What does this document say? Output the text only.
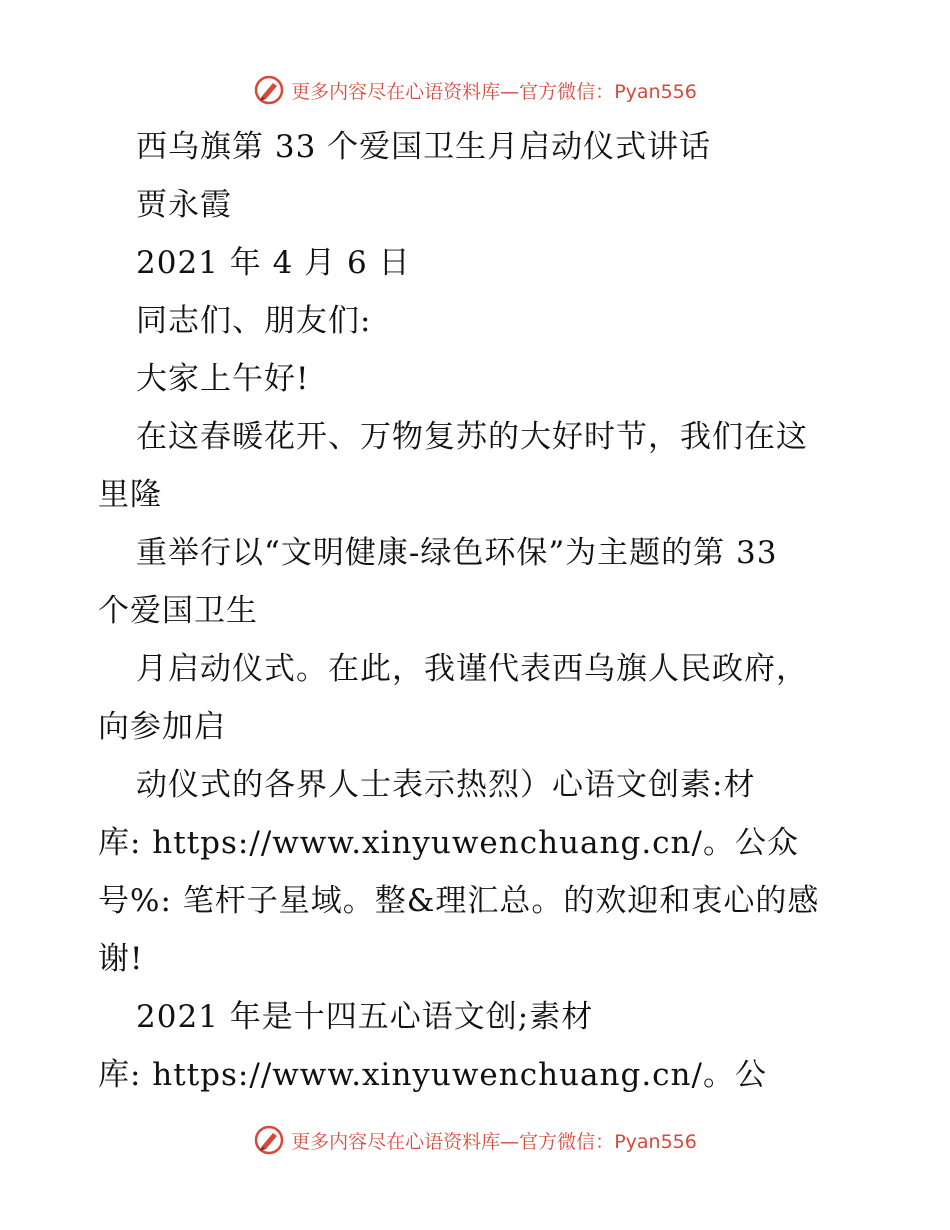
更多内容尽在心语资料库—官方微信：Pyan556
西乌旗第 33 个爱国卫生月启动仪式讲话
贾永霞
2021 年 4 月 6 日
同志们、朋友们:
大家上午好!
在这春暖花开、万物复苏的大好时节，我们在这
里隆
重举行以“文明健康-绿色环保”为主题的第 33
个爱国卫生
月启动仪式。在此，我谨代表西乌旗人民政府，
向参加启
动仪式的各界人士表示热烈）心语文创素:材
库: https://www.xinyuwenchuang.cn/。公众
号%: 笔杆子星域。整&理汇总。的欢迎和衷心的感
谢!
2021 年是十四五心语文创;素材
库: https://www.xinyuwenchuang.cn/。公
更多内容尽在心语资料库—官方微信：Pyan556
